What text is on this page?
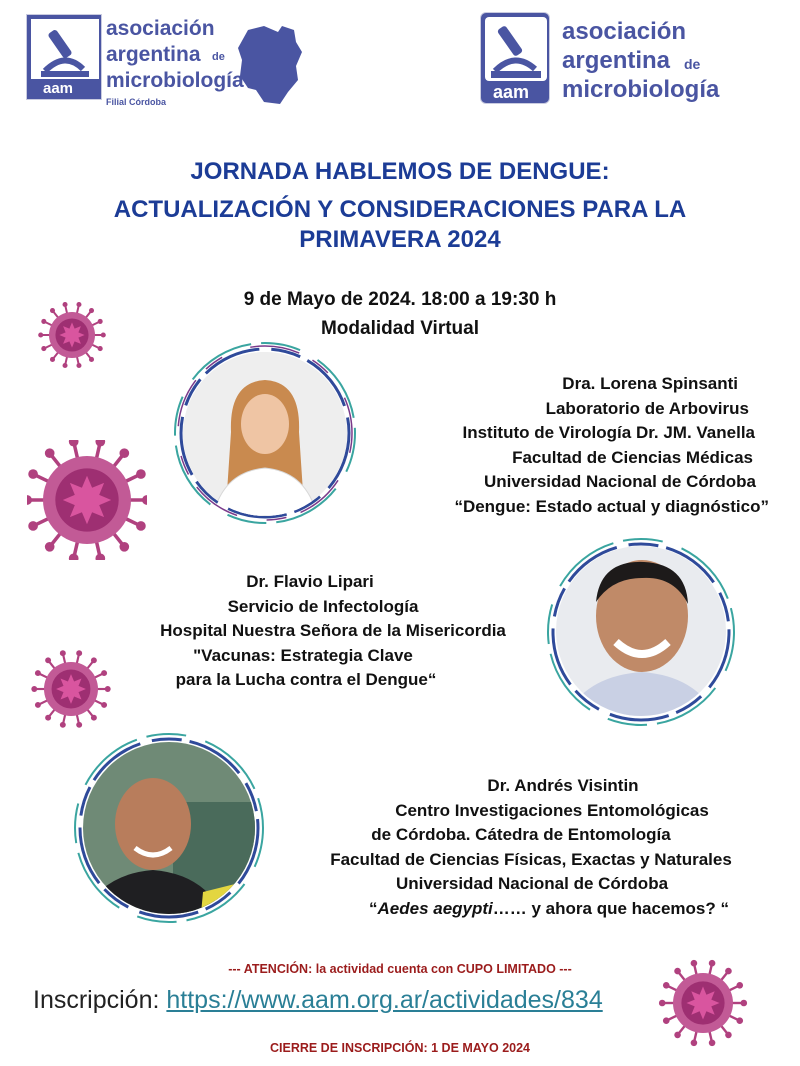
aam
asociación
argentina de
microbiología
Filial Córdoba	aam
asociación
argentina de
microbiología
JORNADA HABLEMOS DE DENGUE:
ACTUALIZACIÓN Y CONSIDERACIONES PARA LA
PRIMAVERA 2024
9 de Mayo de 2024. 18:00 a 19:30 h
Modalidad Virtual
Dra. Lorena Spinsanti
Laboratorio de Arbovirus
Instituto de Virología Dr. JM. Vanella
Facultad de Ciencias Médicas
Universidad Nacional de Córdoba
“Dengue: Estado actual y diagnóstico”
Dr. Flavio Lipari
Servicio de Infectología
Hospital Nuestra Señora de la Misericordia
"Vacunas: Estrategia Clave
para la Lucha contra el Dengue“
Dr. Andrés Visintin
Centro Investigaciones Entomológicas
de Córdoba. Cátedra de Entomología
Facultad de Ciencias Físicas, Exactas y Naturales
Universidad Nacional de Córdoba
“Aedes aegypti…… y ahora que hacemos? “
--- ATENCIÓN: la actividad cuenta con CUPO LIMITADO ---
Inscripción: https://www.aam.org.ar/actividades/834
CIERRE DE INSCRIPCIÓN: 1 DE MAYO 2024
